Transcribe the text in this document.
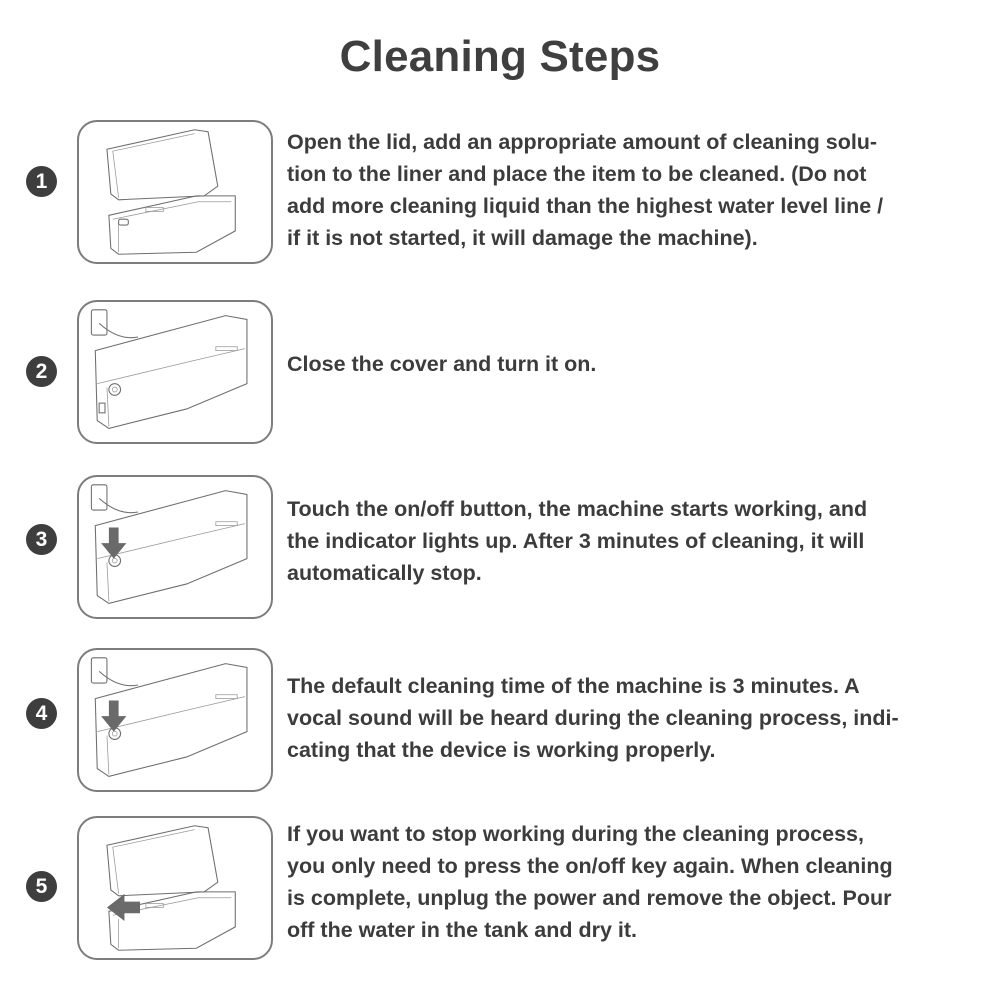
Cleaning Steps
1
Open the lid, add an appropriate amount of cleaning solu-
tion to the liner and place the item to be cleaned. (Do not
add more cleaning liquid than the highest water level line /
if it is not started, it will damage the machine).
2	Close the cover and turn it on.
3
Touch the on/off button, the machine starts working, and
the indicator lights up. After 3 minutes of cleaning, it will
automatically stop.
4
The default cleaning time of the machine is 3 minutes. A
vocal sound will be heard during the cleaning process, indi-
cating that the device is working properly.
5
If you want to stop working during the cleaning process,
you only need to press the on/off key again. When cleaning
is complete, unplug the power and remove the object. Pour
off the water in the tank and dry it.
